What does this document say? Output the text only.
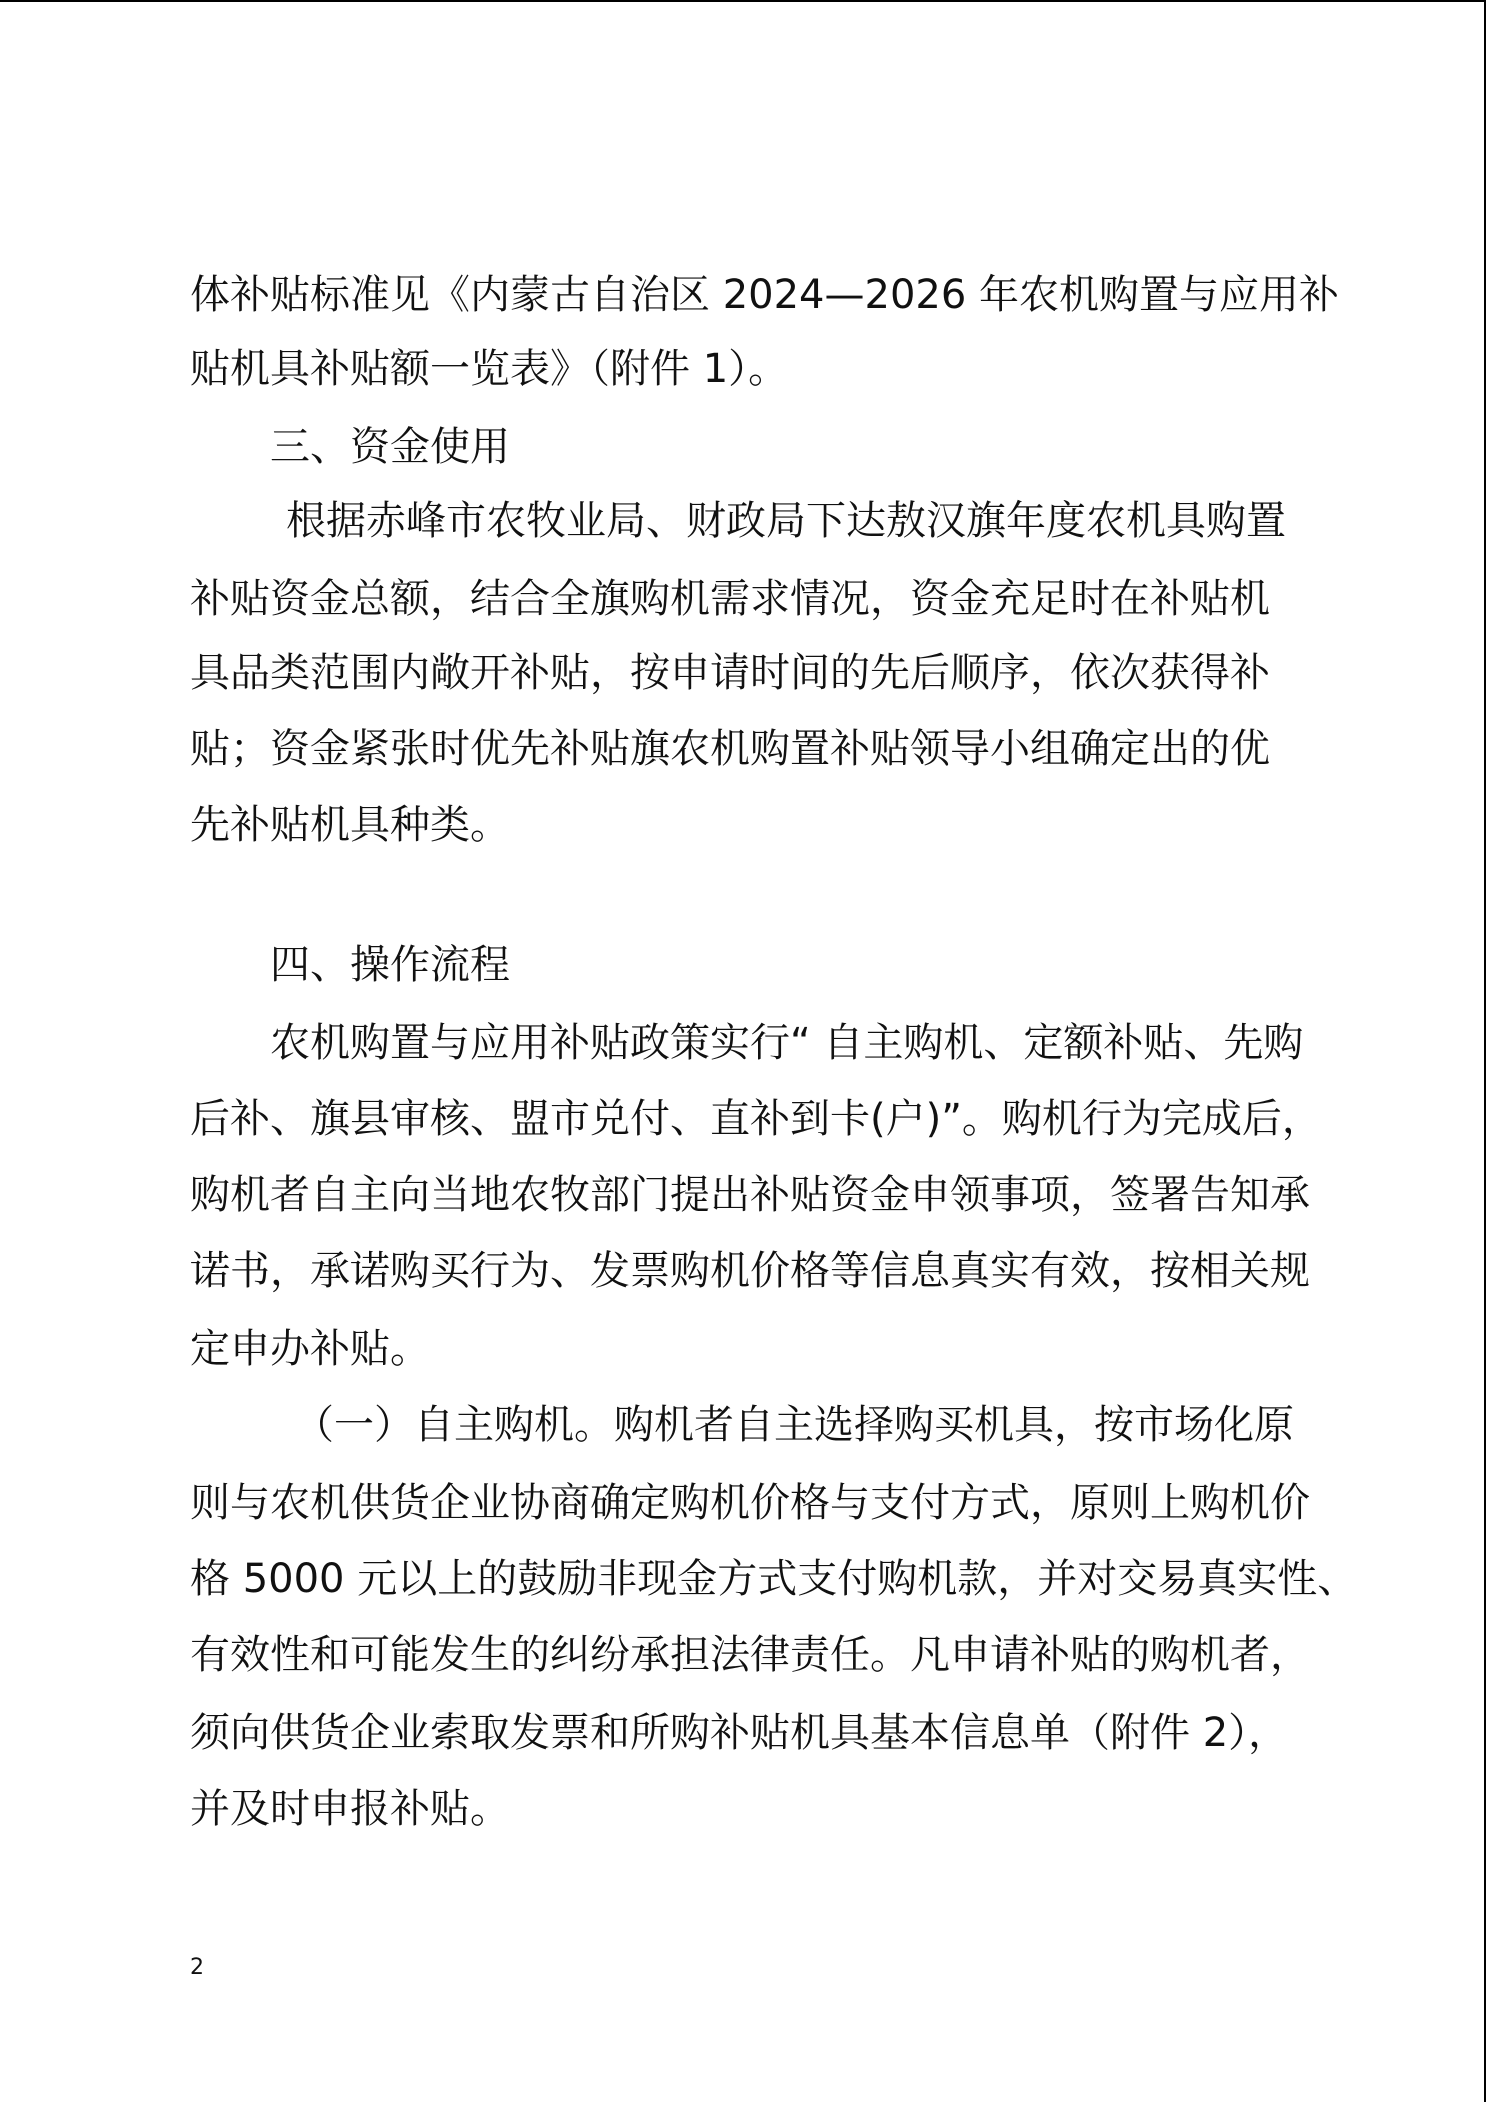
体补贴标准见《内蒙古自治区 2024—2026 年农机购置与应用补
贴机具补贴额一览表》（附件 1）。
三、资金使用
根据赤峰市农牧业局、财政局下达敖汉旗年度农机具购置
补贴资金总额，结合全旗购机需求情况，资金充足时在补贴机
具品类范围内敞开补贴，按申请时间的先后顺序，依次获得补
贴；资金紧张时优先补贴旗农机购置补贴领导小组确定出的优
先补贴机具种类。
四、操作流程
农机购置与应用补贴政策实行“ 自主购机、定额补贴、先购
后补、旗县审核、盟市兑付、直补到卡(户)”。购机行为完成后，
购机者自主向当地农牧部门提出补贴资金申领事项，签署告知承
诺书，承诺购买行为、发票购机价格等信息真实有效，按相关规
定申办补贴。
（一）自主购机。购机者自主选择购买机具，按市场化原
则与农机供货企业协商确定购机价格与支付方式，原则上购机价
格 5000 元以上的鼓励非现金方式支付购机款，并对交易真实性、
有效性和可能发生的纠纷承担法律责任。凡申请补贴的购机者，
须向供货企业索取发票和所购补贴机具基本信息单（附件 2），
并及时申报补贴。
2
